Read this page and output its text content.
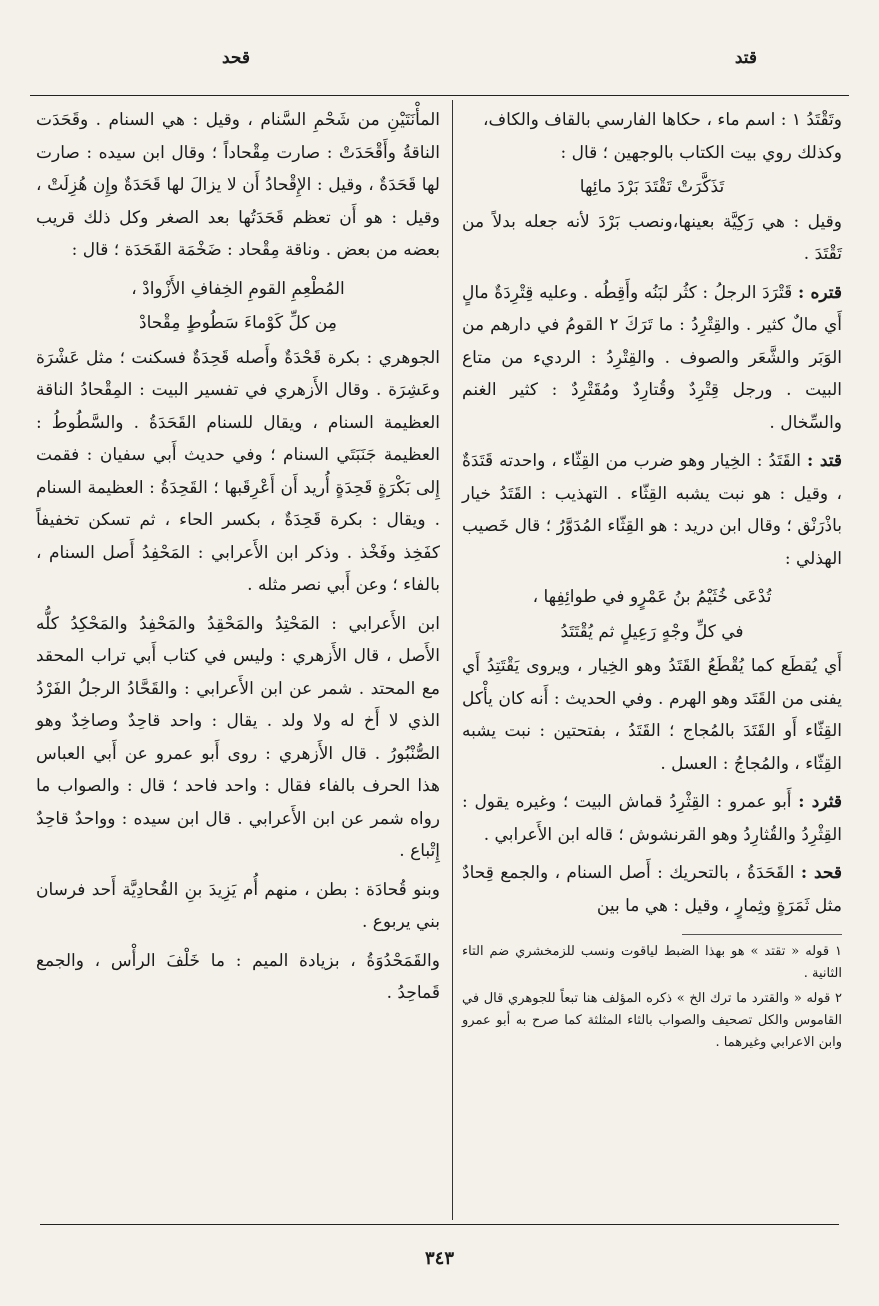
قتد
قحد
وتَقْتَدُ ١ : اسم ماء ، حكاها الفارسي بالقاف والكاف،
وكذلك روي بيت الكتاب بالوجهين ؛ قال :
تَذَكَّرَتْ تَقْتَدَ بَرْدَ مائِها
وقيل : هي رَكِيَّة بعينها،ونصب بَرْدَ لأنه جعله بدلاً من تَقْتَدَ .
قتره : قَتْرَدَ الرجلُ : كثُر لبَنُه وأَقِطُه . وعليه قِتْرِدَةٌ مالٍ أَي مالٌ كثير . والقِتْرِدُ : ما تَرَكَ ٢ القومُ في دارهم من الوَبَر والشَّعَر والصوف . والقِتْرِدُ : الرديء من متاع البيت . ورجل قِتْرِدٌ وقُتارِدٌ ومُقَتْرِدٌ : كثير الغنم والسِّخال .
قتد : القَتَدُ : الخِيار وهو ضرب من القِثّاء ، واحدته قَتَدَةٌ ، وقيل : هو نبت يشبه القِثّاء . التهذيب : القَتَدُ خيار باذْرَنْق ؛ وقال ابن دريد : هو القِثّاء المُدَوَّرُ ؛ قال خَصيب الهذلي :
تُدْعَى خُثَيْمُ بنُ عَمْرٍو في طوائِفِها ،
في كلِّ وجْهٍ رَعِيلٍ ثم يُقْتَتَدُ
أَي يُقطَع كما يُقْطَعُ القَتَدُ وهو الخِيار ، ويروى يَقْتَتِدُ أَي يفنى من القَتَد وهو الهرم . وفي الحديث : أَنه كان يأْكل القِثّاء أَو القَتَدَ بالمُجاج ؛ القَتَدُ ، بفتحتين : نبت يشبه القِثّاء ، والمُجاجُ : العسل .
قثرد : أَبو عمرو : القِثْرِدُ قماش البيت ؛ وغيره يقول : القِثْرِدُ والقُثارِدُ وهو القرنشوش ؛ قاله ابن الأَعرابي .
قحد : القَحَدَةُ ، بالتحريك : أَصل السنام ، والجمع قِحادٌ مثل ثَمَرَةٍ وثِمارٍ ، وقيل : هي ما بين
١ قوله « تقتد » هو بهذا الضبط لياقوت ونسب للزمخشري ضم التاء الثانية .
٢ قوله « والقترد ما ترك الخ » ذكره المؤلف هنا تبعاً للجوهري قال في القاموس والكل تصحيف والصواب بالثاء المثلثة كما صرح به أبو عمرو وابن الاعرابي وغيرهما .
المأْنَتَيْنِ من شَحْمِ السَّنام ، وقيل : هي السنام . وقَحَدَت الناقةُ وأَقْحَدَتْ : صارت مِقْحاداً ؛ وقال ابن سيده : صارت لها قَحَدَةٌ ، وقيل : الإِقْحادُ أَن لا يزالَ لها قَحَدَةٌ وإِن هُزِلَتْ ، وقيل : هو أَن تعظم قَحَدَتُها بعد الصغر وكل ذلك قريب بعضه من بعض . وناقة مِقْحاد : ضَخْمَة القَحَدَة ؛ قال :
المُطْعِمِ القومِ الخِفافِ الأَزْوادْ ،
مِن كلِّ كَوْماءَ سَطُوطٍ مِقْحادْ
الجوهري : بكرة قَحْدَةٌ وأَصله قَحِدَةٌ فسكنت ؛ مثل عَشْرَة وعَشِرَة . وقال الأَزهري في تفسير البيت : المِقْحادُ الناقة العظيمة السنام ، ويقال للسنام القَحَدَةُ . والسَّطُوطُ : العظيمة جَنَبَتَي السنام ؛ وفي حديث أَبي سفيان : فقمت إِلى بَكْرَةٍ قَحِدَةٍ أُريد أَن أَعْرِقَبها ؛ القَحِدَةُ : العظيمة السنام . ويقال : بكرة قَحِدَةٌ ، بكسر الحاء ، ثم تسكن تخفيفاً كفَخِذ وفَخْذ . وذكر ابن الأَعرابي : المَحْفِدُ أَصل السنام ، بالفاء ؛ وعن أَبي نصر مثله .
ابن الأَعرابي : المَحْتِدُ والمَحْقِدُ والمَحْفِدُ والمَحْكِدُ كلُّه الأَصل ، قال الأَزهري : وليس في كتاب أَبي تراب المحقد مع المحتد . شمر عن ابن الأَعرابي : والقَحَّادُ الرجلُ الفَرْدُ الذي لا أَخ له ولا ولد . يقال : واحد قاحِدٌ وصاخِدٌ وهو الصُّنْبُورُ . قال الأَزهري : روى أَبو عمرو عن أَبي العباس هذا الحرف بالفاء فقال : واحد فاحد ؛ قال : والصواب ما رواه شمر عن ابن الأَعرابي . قال ابن سيده : وواحدٌ قاحِدٌ إِتْباع .
وبنو قُحادَة : بطن ، منهم أُم يَزِيدَ بنِ القُحادِيَّة أَحد فرسان بني يربوع .
والقَمَحْدُوَةُ ، بزيادة الميم : ما خَلْفَ الرأْس ، والجمع قَماحِدُ .
٣٤٣
